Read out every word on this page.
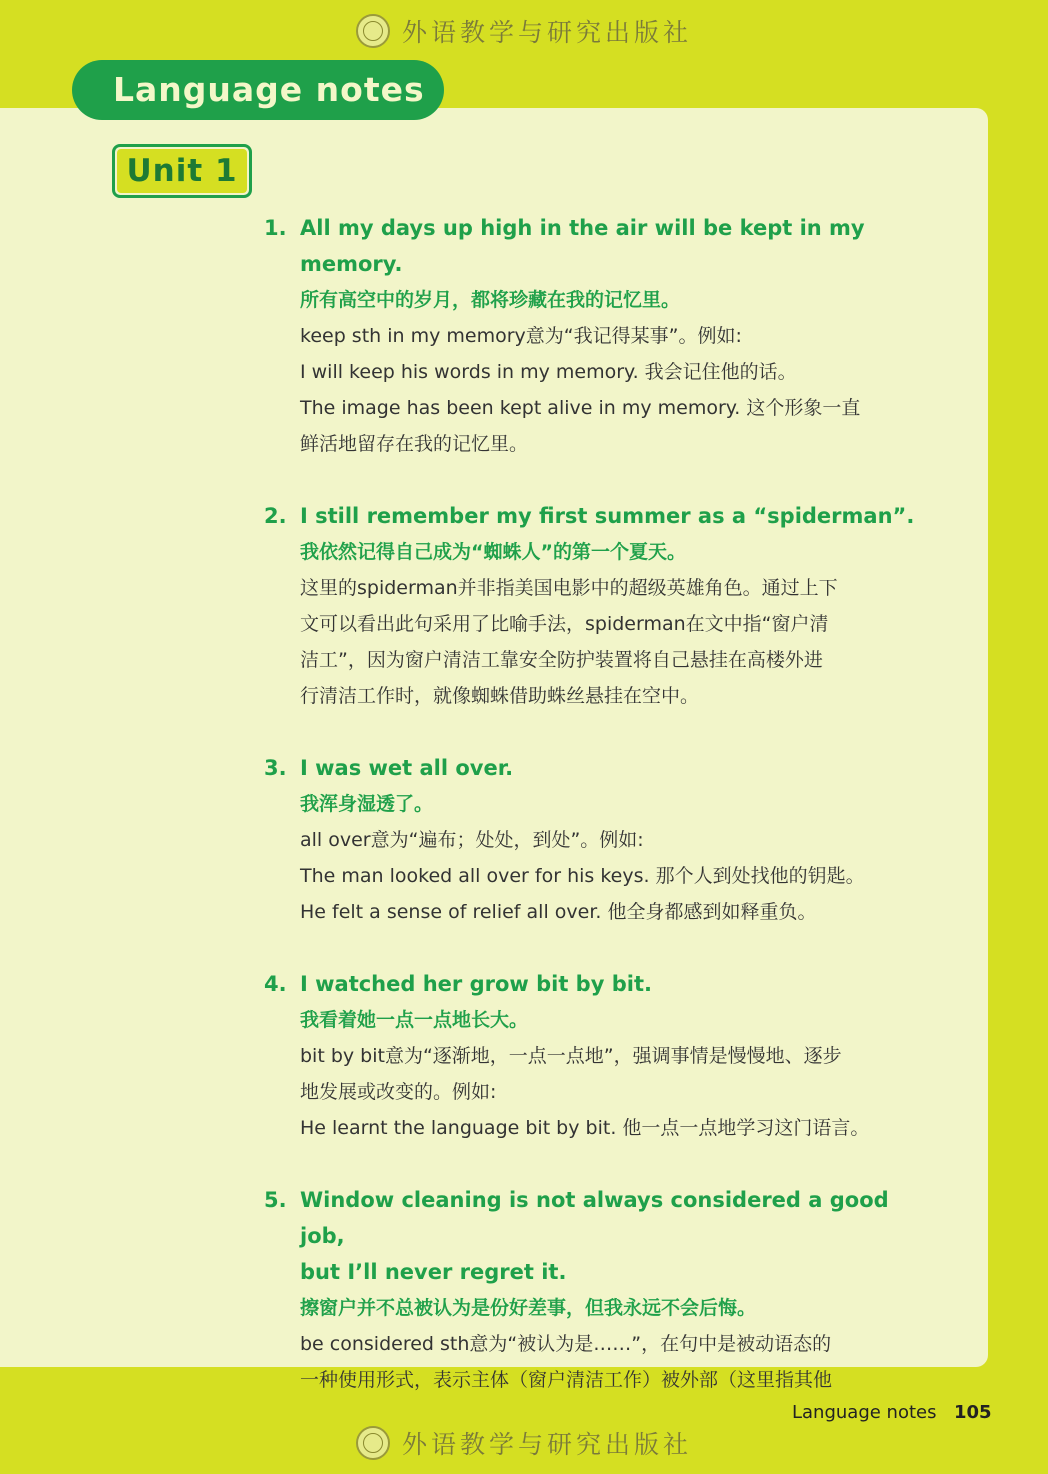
外语教学与研究出版社
Language notes
Unit 1
1. All my days up high in the air will be kept in my memory.
所有高空中的岁月，都将珍藏在我的记忆里。
keep sth in my memory意为“我记得某事”。例如:
I will keep his words in my memory. 我会记住他的话。
The image has been kept alive in my memory. 这个形象一直
鲜活地留存在我的记忆里。
2. I still remember my first summer as a “spiderman”.
我依然记得自己成为“蜘蛛人”的第一个夏天。
这里的spiderman并非指美国电影中的超级英雄角色。通过上下
文可以看出此句采用了比喻手法，spiderman在文中指“窗户清
洁工”，因为窗户清洁工靠安全防护装置将自己悬挂在高楼外进
行清洁工作时，就像蜘蛛借助蛛丝悬挂在空中。
3. I was wet all over.
我浑身湿透了。
all over意为“遍布；处处，到处”。例如:
The man looked all over for his keys. 那个人到处找他的钥匙。
He felt a sense of relief all over. 他全身都感到如释重负。
4. I watched her grow bit by bit.
我看着她一点一点地长大。
bit by bit意为“逐渐地，一点一点地”，强调事情是慢慢地、逐步
地发展或改变的。例如:
He learnt the language bit by bit. 他一点一点地学习这门语言。
5. Window cleaning is not always considered a good job,
but I’ll never regret it.
擦窗户并不总被认为是份好差事，但我永远不会后悔。
be considered sth意为“被认为是……”，在句中是被动语态的
一种使用形式，表示主体（窗户清洁工作）被外部（这里指其他
Language notes 105
外语教学与研究出版社
